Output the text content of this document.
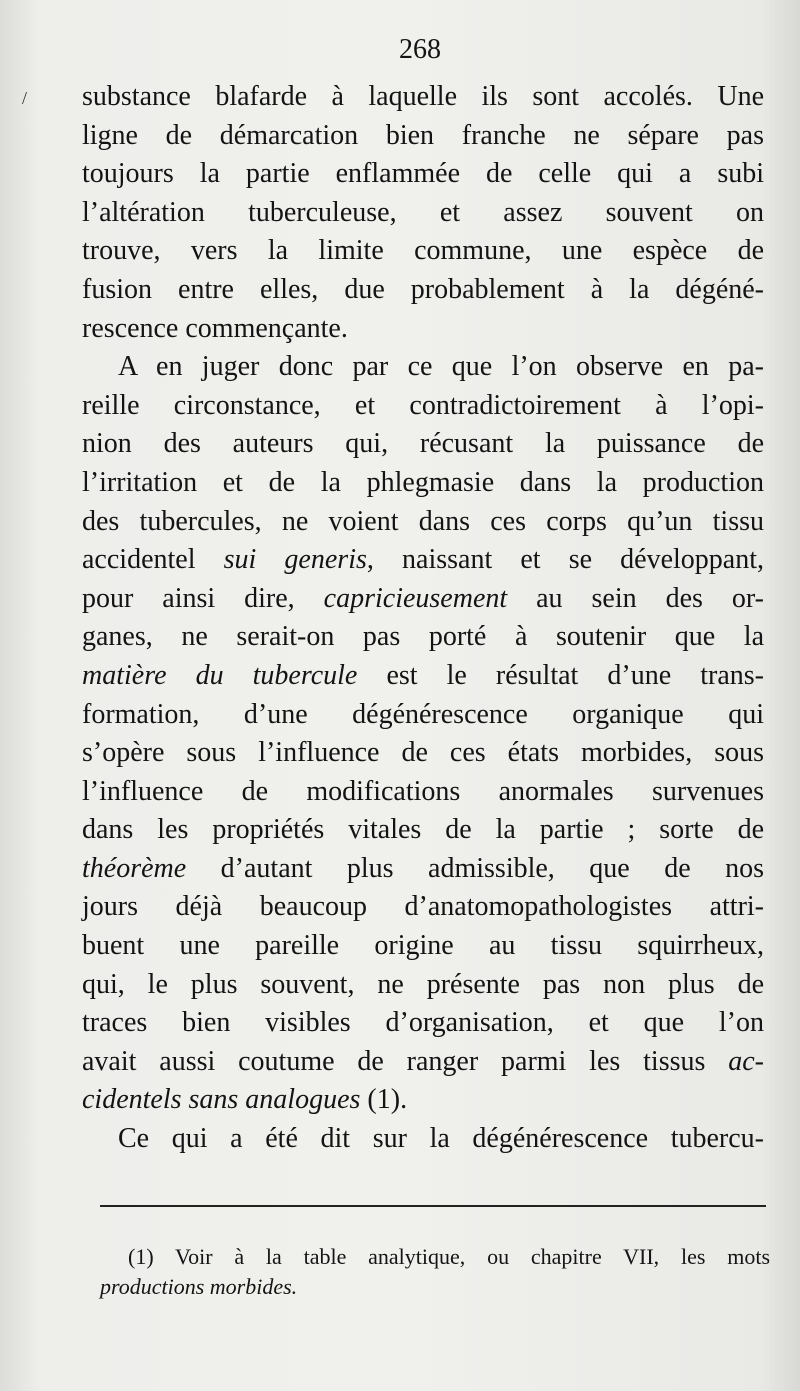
268
substance blafarde à laquelle ils sont accolés. Une
ligne de démarcation bien franche ne sépare pas
toujours la partie enflammée de celle qui a subi
l’altération tuberculeuse, et assez souvent on
trouve, vers la limite commune, une espèce de
fusion entre elles, due probablement à la dégéné-
rescence commençante.
A en juger donc par ce que l’on observe en pa-
reille circonstance, et contradictoirement à l’opi-
nion des auteurs qui, récusant la puissance de
l’irritation et de la phlegmasie dans la production
des tubercules, ne voient dans ces corps qu’un tissu
accidentel sui generis, naissant et se développant,
pour ainsi dire, capricieusement au sein des or-
ganes, ne serait-on pas porté à soutenir que la
matière du tubercule est le résultat d’une trans-
formation, d’une dégénérescence organique qui
s’opère sous l’influence de ces états morbides, sous
l’influence de modifications anormales survenues
dans les propriétés vitales de la partie ; sorte de
théorème d’autant plus admissible, que de nos
jours déjà beaucoup d’anatomopathologistes attri-
buent une pareille origine au tissu squirrheux,
qui, le plus souvent, ne présente pas non plus de
traces bien visibles d’organisation, et que l’on
avait aussi coutume de ranger parmi les tissus ac-
cidentels sans analogues (1).
Ce qui a été dit sur la dégénérescence tubercu-
(1) Voir à la table analytique, ou chapitre VII, les mots
productions morbides.
/
